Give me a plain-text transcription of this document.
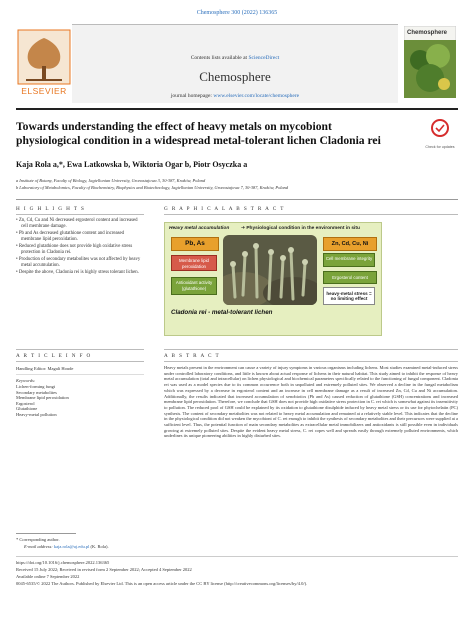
Chemosphere 300 (2022) 136365
ELSEVIER
Contents lists available at ScienceDirect
Chemosphere
journal homepage: www.elsevier.com/locate/chemosphere
Chemosphere
Towards understanding the effect of heavy metals on mycobiont physiological condition in a widespread metal-tolerant lichen Cladonia rei	Check for updates
Kaja Rola a,*, Ewa Latkowska b, Wiktoria Ogar b, Piotr Osyczka a
a Institute of Botany, Faculty of Biology, Jagiellonian University, Gronostajowa 3, 30-387, Kraków, Poland
b Laboratory of Metabolomics, Faculty of Biochemistry, Biophysics and Biotechnology, Jagiellonian University, Gronostajowa 7, 30-387, Kraków, Poland
H I G H L I G H T S
• Zn, Cd, Cu and Ni decreased ergosterol content and increased cell membrane damage.
• Pb and As decreased glutathione content and increased membrane lipid peroxidation.
• Reduced glutathione does not provide high oxidative stress protection in Cladonia rei.
• Production of secondary metabolites was not affected by heavy metal accumulation.
• Despite the above, Cladonia rei is highly stress tolerant lichen.
G R A P H I C A L A B S T R A C T
Heavy metal accumulation ➜ Physiological condition in the environment in situ
Pb, As
Membrane lipid peroxidation
Antioxidant activity (glutathione)
Cladonia rei - metal-tolerant lichen
Zn, Cd, Cu, Ni
Cell membrane integrity
Ergosterol content
heavy-metal stress = no limiting effect
A R T I C L E I N F O
Handling Editor: Magali Houde
Keywords:
Lichen-forming fungi
Secondary metabolites
Membrane lipid peroxidation
Ergosterol
Glutathione
Heavy-metal pollution
A B S T R A C T
Heavy metals present in the environment can cause a variety of injury symptoms in various organisms including lichens. Most studies examined metal-induced stress under controlled laboratory conditions, and little is known about actual response of lichens in their natural habitat. This study aimed to inhibit the response of heavy metal accumulation (total and intracellular) on lichen physiological and biochemical parameters specifically related to the functioning of fungal component. Cladonia rei was used as a model species due to its common occurrence both in unpolluted and extremely polluted sites. We observed a decline in the fungal metabolism which was expressed by a decrease in ergosterol content and an increase in cell membrane damage as a result of increased Zn, Cd, Cu and Ni accumulation. Additionally, the results indicated that increased accumulation of xenobiotics (Pb and As) caused reduction of glutathione (GSH) concentrations and increased membrane lipid peroxidation. Therefore, we conclude that GSH does not provide high oxidative stress protection in C. rei which is somewhat against its insensitivity to pollution. The reduced pool of GSH could be explained by its oxidation to glutathione disulphide induced by heavy metal stress or its use for phytochelatin (PC) synthesis. The content of secondary metabolites was not related to heavy metal accumulation and remained at a relatively stable level. This indicates that the decline in the physiological condition did not weaken the mycobiont of C. rei enough to inhibit the synthesis of secondary metabolites and their precursors were supplied at a sufficient level. Thus, the potential function of main secondary metabolites as extracellular metal immobilizers and antioxidants is still possible even in individuals growing at extremely polluted sites. Despite the evident heavy metal stress, C. rei copes well and spreads easily through extremely polluted environments, which underlines its unique pioneering abilities in highly disturbed sites.
* Corresponding author.
E-mail address: kaja.rola@uj.edu.pl (K. Rola).
https://doi.org/10.1016/j.chemosphere.2022.136365
Received 15 July 2022; Received in revised form 2 September 2022; Accepted 4 September 2022
Available online 7 September 2022
0045-6535/© 2022 The Authors. Published by Elsevier Ltd. This is an open access article under the CC BY license (http://creativecommons.org/licenses/by/4.0/).
